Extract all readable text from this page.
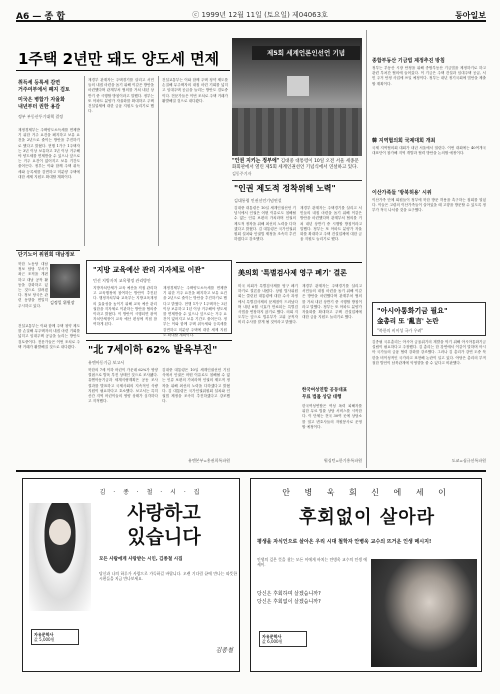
A6 — 종 합	ⓒ 1999년 12월 11일 (토요일) 제04063호	동아일보
1주택 2년만 돼도 양도세 면제
취득세 등록세 감면
거주여부에서 폐지 검토
미국은 병합가 자율화
내년부터 권한 용감
정부 부동산투기대책 결정
재정경제부는 주택양도소득세를 면제받기 위한 거주 요건을 폐지하고 보유 요건을 2년으로 줄이는 방안을 추진하기로 했다고 밝혔다. 현행 1가구 1주택자는 3년 이상 보유하고 1년 이상 거주해야 양도세를 면제받을 수 있으나 앞으로는 거주 요건이 없어지고 보유 기간도 줄어든다. 정부는 이와 함께 주택 취득세와 등록세를 감면하고 미분양 주택에 대한 세제 지원도 확대할 계획이다.
재경부 관계자는 주택경기를 살리고 서민들의 내집 마련을 돕기 위해 이같은 방안을 마련했다며 관계부처 협의를 거쳐 내년 상반기 중 시행할 방침이라고 말했다. 정부는 또 아파트 분양가 자율화를 확대하고 주택 건설업체에 대한 금융 지원도 늘리기로 했다.
건설교통부는 이와 함께 주택 청약 제도를 손질해 무주택자의 내집 마련 기회를 넓히고 임대주택 공급을 늘리는 방안도 검토중이다. 전문가들은 이번 조치로 주택 거래가 활발해질 것으로 내다봤다.
단기노어 위원회 대남정보
북한 노동당 대남 정보 담당 부서가 최근 조직을 개편하고 대남 공작 활동을 강화하고 있는 것으로 알려졌다. 정보 당국은 관련 동향을 면밀히 주시하고 있다.
김정일 위원장
건설교통부는 이와 함께 주택 청약 제도를 손질해 무주택자의 내집 마련 기회를 넓히고 임대주택 공급을 늘리는 방안도 검토중이다. 전문가들은 이번 조치로 주택 거래가 활발해질 것으로 내다봤다.
제5회 세계언론인선언 기념
"인권 지키는 정부에" 김대중 대통령이 10일 오전 서울 세종문화회관에서 열린 제5회 세계인권선언 기념식에서 연설하고 있다. 김동주기자
"인권 제도적 정착위해 노력"
김대통령 인권선언기념연설
김대중 대통령은 10일 세계인권선언 기념식에서 인권은 어떤 이유로도 침해될 수 없는 인류 보편의 가치라며 인권의 제도적 정착을 위해 최선의 노력을 다하겠다고 밝혔다. 김 대통령은 국가인권위원회 설치와 인권법 제정을 조속히 추진하겠다고 강조했다.
재경부 관계자는 주택경기를 살리고 서민들의 내집 마련을 돕기 위해 이같은 방안을 마련했다며 관계부처 협의를 거쳐 내년 상반기 중 시행할 방침이라고 말했다. 정부는 또 아파트 분양가 자율화를 확대하고 주택 건설업체에 대한 금융 지원도 늘리기로 했다.
"지방 교육예산 관리 지자체로 이관"
민선 지방자치 교육행정 관리방안
지방자치단체가 교육 예산을 직접 관리하고 교육행정에 참여하는 방안이 추진된다. 행정자치부와 교육부는 지방교육재정의 효율성을 높이기 위해 교육 예산 관리 권한을 지자체로 이관하는 방안을 협의중이라고 밝혔다. 이 방안이 시행되면 광역자치단체장이 교육 예산 편성에 직접 참여하게 된다.
재정경제부는 주택양도소득세를 면제받기 위한 거주 요건을 폐지하고 보유 요건을 2년으로 줄이는 방안을 추진하기로 했다고 밝혔다. 현행 1가구 1주택자는 3년 이상 보유하고 1년 이상 거주해야 양도세를 면제받을 수 있으나 앞으로는 거주 요건이 없어지고 보유 기간도 줄어든다. 정부는 이와 함께 주택 취득세와 등록세를 감면하고 미분양 주택에 대한 세제 지원도 확대할 계획이다.
"北 7세이하 62% 발육부진"
유엔아동기금 보고서
북한의 7세 이하 어린이 가운데 62%가 영양 결핍으로 발육 부진 상태인 것으로 조사됐다. 유엔아동기금과 세계식량계획은 공동 조사 결과를 발표하고 국제사회의 지속적인 식량 지원이 필요하다고 호소했다. 보고서는 특히 산간 지역 어린이들의 영양 상태가 심각하다고 지적했다.
김대중 대통령은 10일 세계인권선언 기념식에서 인권은 어떤 이유로도 침해될 수 없는 인류 보편의 가치라며 인권의 제도적 정착을 위해 최선의 노력을 다하겠다고 밝혔다. 김 대통령은 국가인권위원회 설치와 인권법 제정을 조속히 추진하겠다고 강조했다.
유엔본부=홍권희특파원
美의회 '특별검사제 영구 폐기' 결론
미국 의회가 특별검사제를 영구 폐기하기로 결론을 내렸다. 상원 법사위원회는 클린턴 대통령에 대한 수사 과정에서 특별검사제의 문제점이 드러났다며 내년 6월 시효가 만료되는 특별검사법을 연장하지 않기로 했다. 의회 지도부는 앞으로 법무부가 고위 공직자 비리 수사를 맡게 될 것이라고 밝혔다.
재경부 관계자는 주택경기를 살리고 서민들의 내집 마련을 돕기 위해 이같은 방안을 마련했다며 관계부처 협의를 거쳐 내년 상반기 중 시행할 방침이라고 말했다. 정부는 또 아파트 분양가 자율화를 확대하고 주택 건설업체에 대한 금융 지원도 늘리기로 했다.
한국여성연합 공동대표
무료 법률 상담 대행
한국여성연합은 여성 폭력 피해자를 위한 무료 법률 상담 서비스를 시작한다. 이 단체는 전국 30여 곳에 상담소를 열고 변호사들의 자원봉사로 운영할 예정이다.
워싱턴=한기흥특파원
종합부동산 기금법 제정추진 방침
정부는 부동산 시장 안정을 위해 종합부동산 기금법을 제정하기로 하고 관련 부처간 협의에 들어갔다. 이 기금은 주택 건설과 임대주택 공급, 서민 주거 안정 사업에 쓰일 예정이다. 정부는 내년 정기국회에 법안을 제출할 계획이다.
韓 지역협의회 국제대회 개최
국제 지역협의회 대회가 내년 서울에서 열린다. 이번 대회에는 40여개국 대표단이 참가해 지역 개발과 협력 방안을 논의할 예정이다.
이산가족들 '방북허용' 시위
이산가족 단체 회원들이 정부에 북한 방문 허용을 촉구하는 집회를 열었다. 이들은 고령의 이산가족들이 살아있을 때 고향을 방문할 수 있도록 정부가 적극 나서줄 것을 요구했다.
"아시아통화기금 필요"
金총리 또 '亂言' 논란
"북한의 비이성 국가 우려"
김종필 국무총리는 아시아 금융위기의 재발을 막기 위해 아시아통화기금 설립이 필요하다고 주장했다. 김 총리는 한 강연에서 이같이 말하며 아시아 국가들의 금융 협력 강화를 강조했다. 그러나 김 총리가 강연 도중 북한을 비이성적인 국가라고 표현해 논란이 일고 있다. 야당은 총리의 부적절한 발언이 남북관계에 악영향을 줄 수 있다고 비판했다.
도쿄=심규선특파원
김 · 종 · 철 · 시 · 집
사랑하고
있습니다
모든 사람에게 사랑받는 시인, 김종철 시집
당신과 나의 하루가 사랑으로 가득하길 바랍니다. 오랜 기다림 끝에 만나는 따뜻한 시편들을 지금 만나보세요.
자유문학사
값 5,000원
김종철
안 병 욱 회 신 에 세 이
후회없이 살아라
평생을 자식인으로 살아온 우리 시대 철학자 안병욱 교수의 뜨거운 인생 메시지!
인생의 깊은 뜻을 찾는 모든 이에게 바치는 안병욱 교수의 인생 에세이.
당신은 후회하며 살겠습니까?
당신은 후회없이 살겠습니까?
자유문학사
값 6,000원
